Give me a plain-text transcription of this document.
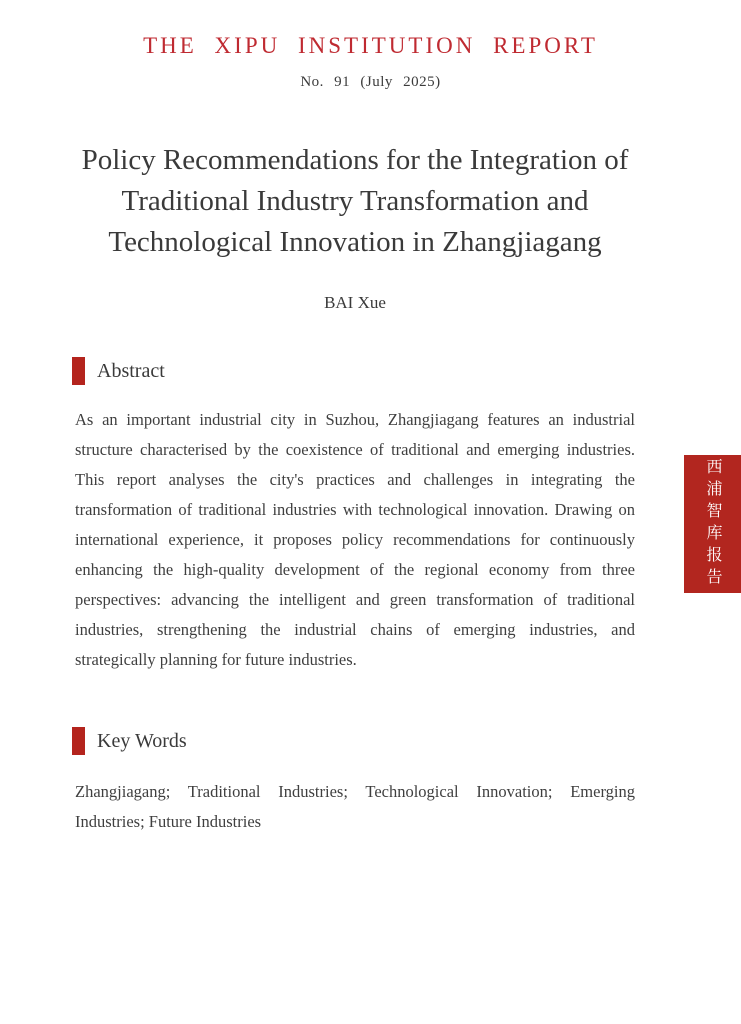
THE XIPU INSTITUTION REPORT
No. 91 (July 2025)
Policy Recommendations for the Integration of
Traditional Industry Transformation and
Technological Innovation in Zhangjiagang
BAI Xue
Abstract

As an important industrial city in Suzhou, Zhangjiagang features an industrial structure characterised by the coexistence of traditional and emerging industries. This report analyses the city's practices and challenges in integrating the transformation of traditional industries with technological innovation. Drawing on international experience, it proposes policy recommendations for continuously enhancing the high-quality development of the regional economy from three perspectives: advancing the intelligent and green transformation of traditional industries, strengthening the industrial chains of emerging industries, and strategically planning for future industries.

Key Words

Zhangjiagang; Traditional Industries; Technological Innovation; Emerging Industries; Future Industries

西浦智库报告
